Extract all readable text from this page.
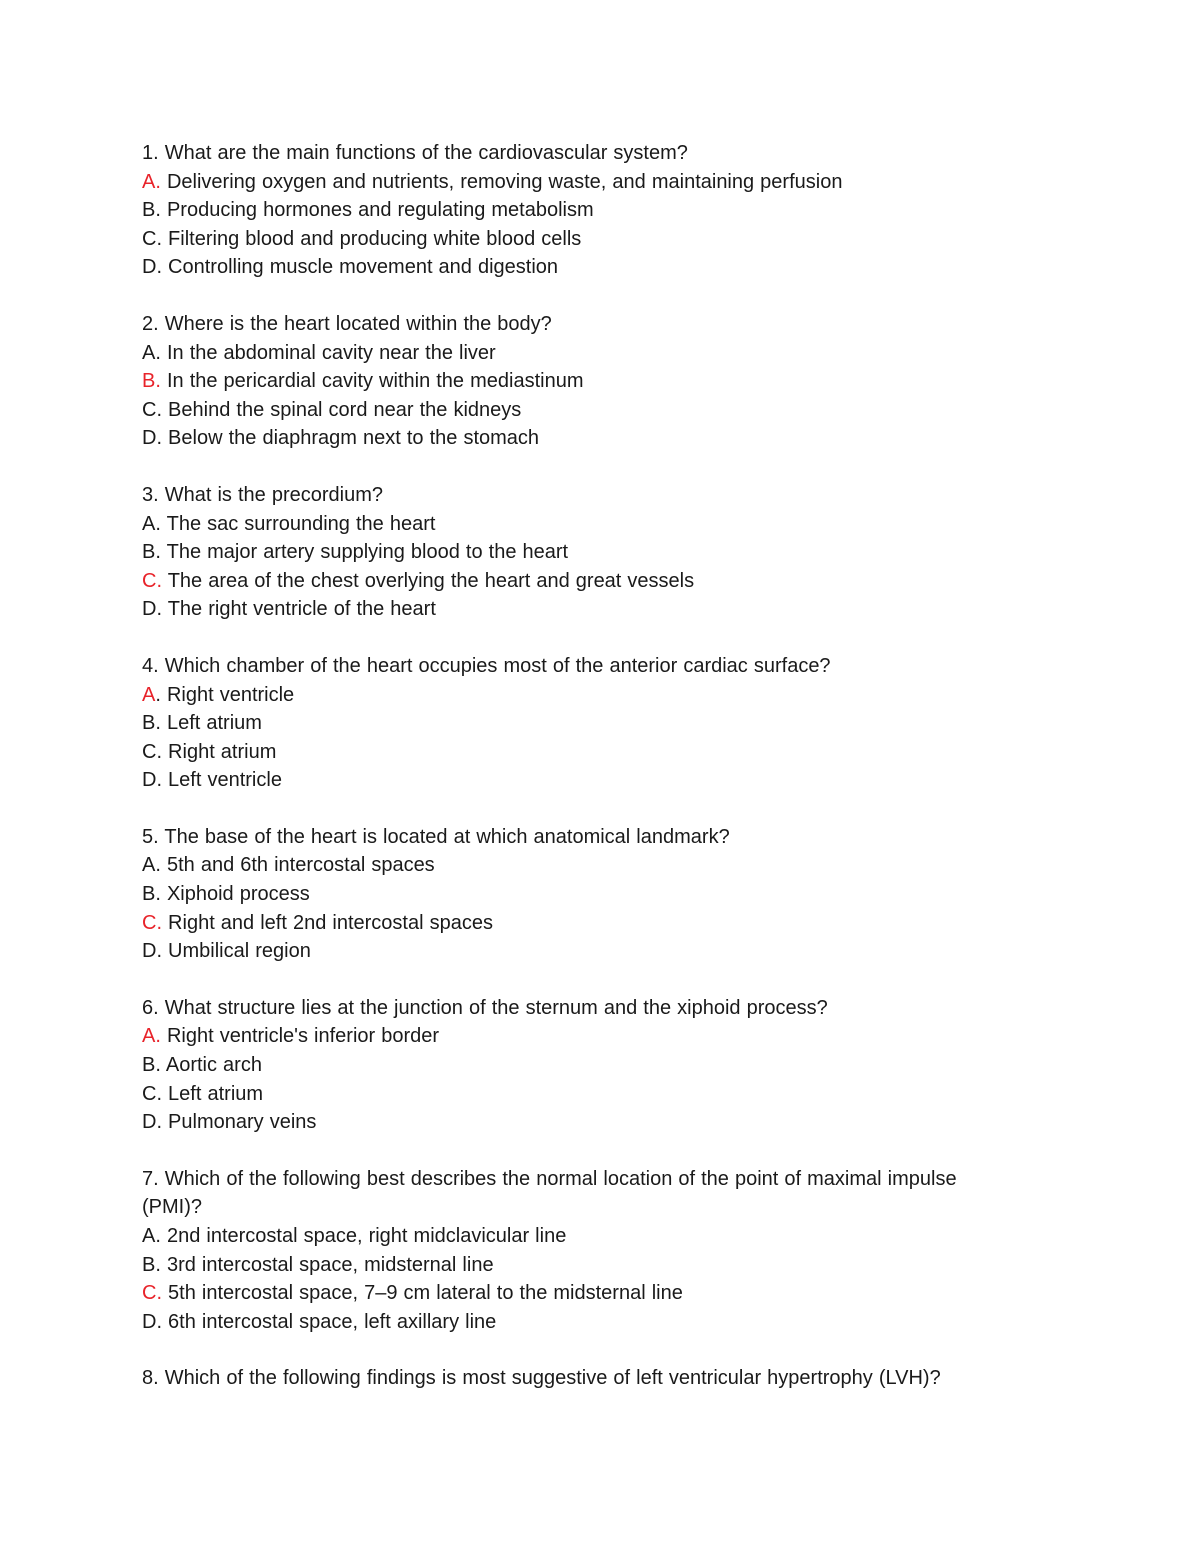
1. What are the main functions of the cardiovascular system?
A. Delivering oxygen and nutrients, removing waste, and maintaining perfusion
B. Producing hormones and regulating metabolism
C. Filtering blood and producing white blood cells
D. Controlling muscle movement and digestion
2. Where is the heart located within the body?
A. In the abdominal cavity near the liver
B. In the pericardial cavity within the mediastinum
C. Behind the spinal cord near the kidneys
D. Below the diaphragm next to the stomach
3. What is the precordium?
A. The sac surrounding the heart
B. The major artery supplying blood to the heart
C. The area of the chest overlying the heart and great vessels
D. The right ventricle of the heart
4. Which chamber of the heart occupies most of the anterior cardiac surface?
A. Right ventricle
B. Left atrium
C. Right atrium
D. Left ventricle
5. The base of the heart is located at which anatomical landmark?
A. 5th and 6th intercostal spaces
B. Xiphoid process
C. Right and left 2nd intercostal spaces
D. Umbilical region
6. What structure lies at the junction of the sternum and the xiphoid process?
A. Right ventricle's inferior border
B. Aortic arch
C. Left atrium
D. Pulmonary veins
7. Which of the following best describes the normal location of the point of maximal impulse (PMI)?
A. 2nd intercostal space, right midclavicular line
B. 3rd intercostal space, midsternal line
C. 5th intercostal space, 7–9 cm lateral to the midsternal line
D. 6th intercostal space, left axillary line
8. Which of the following findings is most suggestive of left ventricular hypertrophy (LVH)?
